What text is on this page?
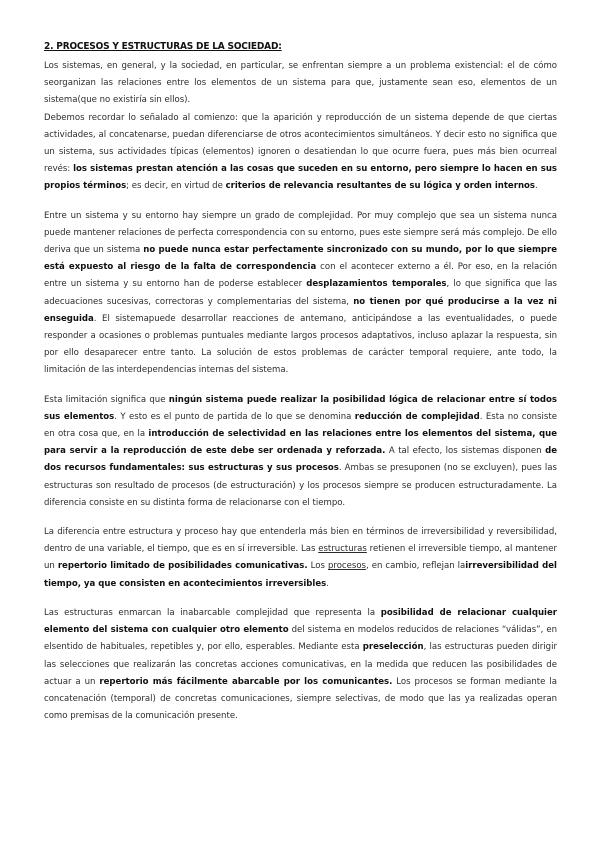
2. PROCESOS Y ESTRUCTURAS DE LA SOCIEDAD:

Los sistemas, en general, y la sociedad, en particular, se enfrentan siempre a un problema existencial: el de cómo seorganizan las relaciones entre los elementos de un sistema para que, justamente sean eso, elementos de un sistema(que no existiría sin ellos).

Debemos recordar lo señalado al comienzo: que la aparición y reproducción de un sistema depende de que ciertas actividades, al concatenarse, puedan diferenciarse de otros acontecimientos simultáneos. Y decir esto no significa que un sistema, sus actividades típicas (elementos) ignoren o desatiendan lo que ocurre fuera, pues más bien ocurreal revés: los sistemas prestan atención a las cosas que suceden en su entorno, pero siempre lo hacen en sus propios términos; es decir, en virtud de criterios de relevancia resultantes de su lógica y orden internos.

Entre un sistema y su entorno hay siempre un grado de complejidad. Por muy complejo que sea un sistema nunca puede mantener relaciones de perfecta correspondencia con su entorno, pues este siempre será más complejo. De ello deriva que un sistema no puede nunca estar perfectamente sincronizado con su mundo, por lo que siempre está expuesto al riesgo de la falta de correspondencia con el acontecer externo a él. Por eso, en la relación entre un sistema y su entorno han de poderse establecer desplazamientos temporales, lo que significa que las adecuaciones sucesivas, correctoras y complementarias del sistema, no tienen por qué producirse a la vez ni enseguida. El sistemapuede desarrollar reacciones de antemano, anticipándose a las eventualidades, o puede responder a ocasiones o problemas puntuales mediante largos procesos adaptativos, incluso aplazar la respuesta, sin por ello desaparecer entre tanto. La solución de estos problemas de carácter temporal requiere, ante todo, la limitación de las interdependencias internas del sistema.

Esta limitación significa que ningún sistema puede realizar la posibilidad lógica de relacionar entre sí todos sus elementos. Y esto es el punto de partida de lo que se denomina reducción de complejidad. Esta no consiste en otra cosa que, en la introducción de selectividad en las relaciones entre los elementos del sistema, que para servir a la reproducción de este debe ser ordenada y reforzada. A tal efecto, los sistemas disponen de dos recursos fundamentales: sus estructuras y sus procesos. Ambas se presuponen (no se excluyen), pues las estructuras son resultado de procesos (de estructuración) y los procesos siempre se producen estructuradamente. La diferencia consiste en su distinta forma de relacionarse con el tiempo.

La diferencia entre estructura y proceso hay que entenderla más bien en términos de irreversibilidad y reversibilidad, dentro de una variable, el tiempo, que es en sí irreversible. Las estructuras retienen el irreversible tiempo, al mantener un repertorio limitado de posibilidades comunicativas. Los procesos, en cambio, reflejan lairreversibilidad del tiempo, ya que consisten en acontecimientos irreversibles.

Las estructuras enmarcan la inabarcable complejidad que representa la posibilidad de relacionar cualquier elemento del sistema con cualquier otro elemento del sistema en modelos reducidos de relaciones “válidas”, en elsentido de habituales, repetibles y, por ello, esperables. Mediante esta preselección, las estructuras pueden dirigir las selecciones que realizarán las concretas acciones comunicativas, en la medida que reducen las posibilidades de actuar a un repertorio más fácilmente abarcable por los comunicantes. Los procesos se forman mediante la concatenación (temporal) de concretas comunicaciones, siempre selectivas, de modo que las ya realizadas operan como premisas de la comunicación presente.
